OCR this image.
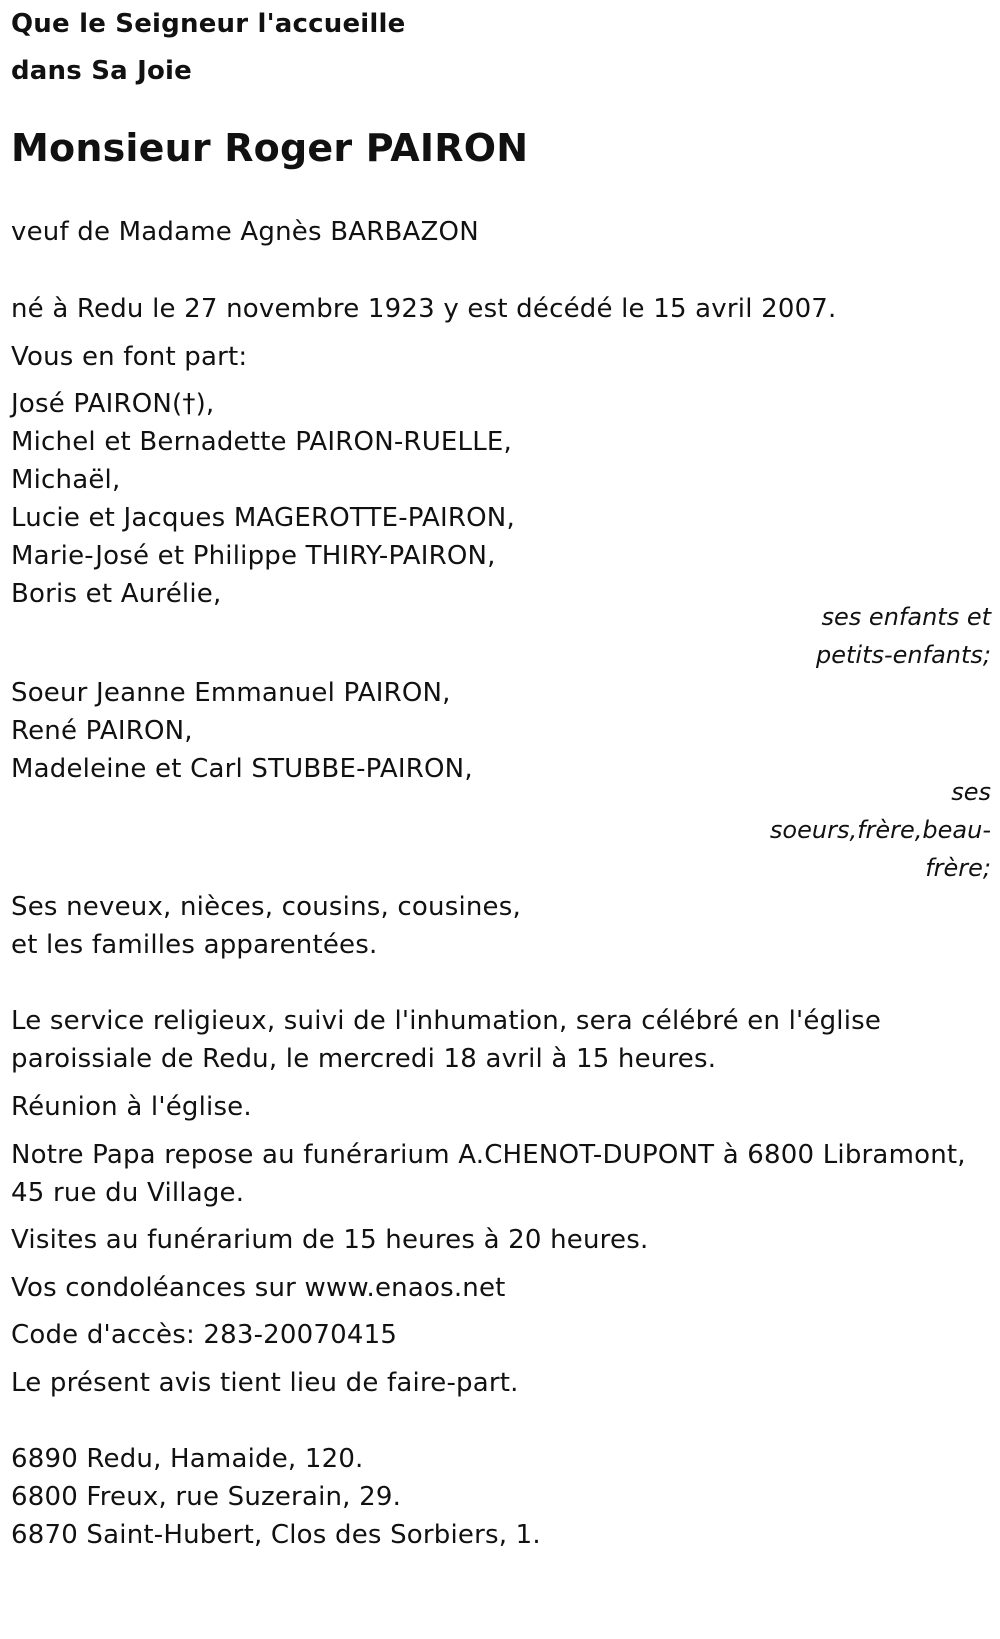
Que le Seigneur l'accueille
dans Sa Joie
Monsieur Roger PAIRON
veuf de Madame Agnès BARBAZON
né à Redu le 27 novembre 1923 y est décédé le 15 avril 2007.
Vous en font part:
José PAIRON(†),
Michel et Bernadette PAIRON-RUELLE,
Michaël,
Lucie et Jacques MAGEROTTE-PAIRON,
Marie-José et Philippe THIRY-PAIRON,
Boris et Aurélie,
ses enfants et
petits-enfants;
Soeur Jeanne Emmanuel PAIRON,
René PAIRON,
Madeleine et Carl STUBBE-PAIRON,
ses
soeurs,frère,beau-
frère;
Ses neveux, nièces, cousins, cousines,
et les familles apparentées.
Le service religieux, suivi de l'inhumation, sera célébré en l'église
paroissiale de Redu, le mercredi 18 avril à 15 heures.
Réunion à l'église.
Notre Papa repose au funérarium A.CHENOT-DUPONT à 6800 Libramont,
45 rue du Village.
Visites au funérarium de 15 heures à 20 heures.
Vos condoléances sur www.enaos.net
Code d'accès: 283-20070415
Le présent avis tient lieu de faire-part.
6890 Redu, Hamaide, 120.
6800 Freux, rue Suzerain, 29.
6870 Saint-Hubert, Clos des Sorbiers, 1.
